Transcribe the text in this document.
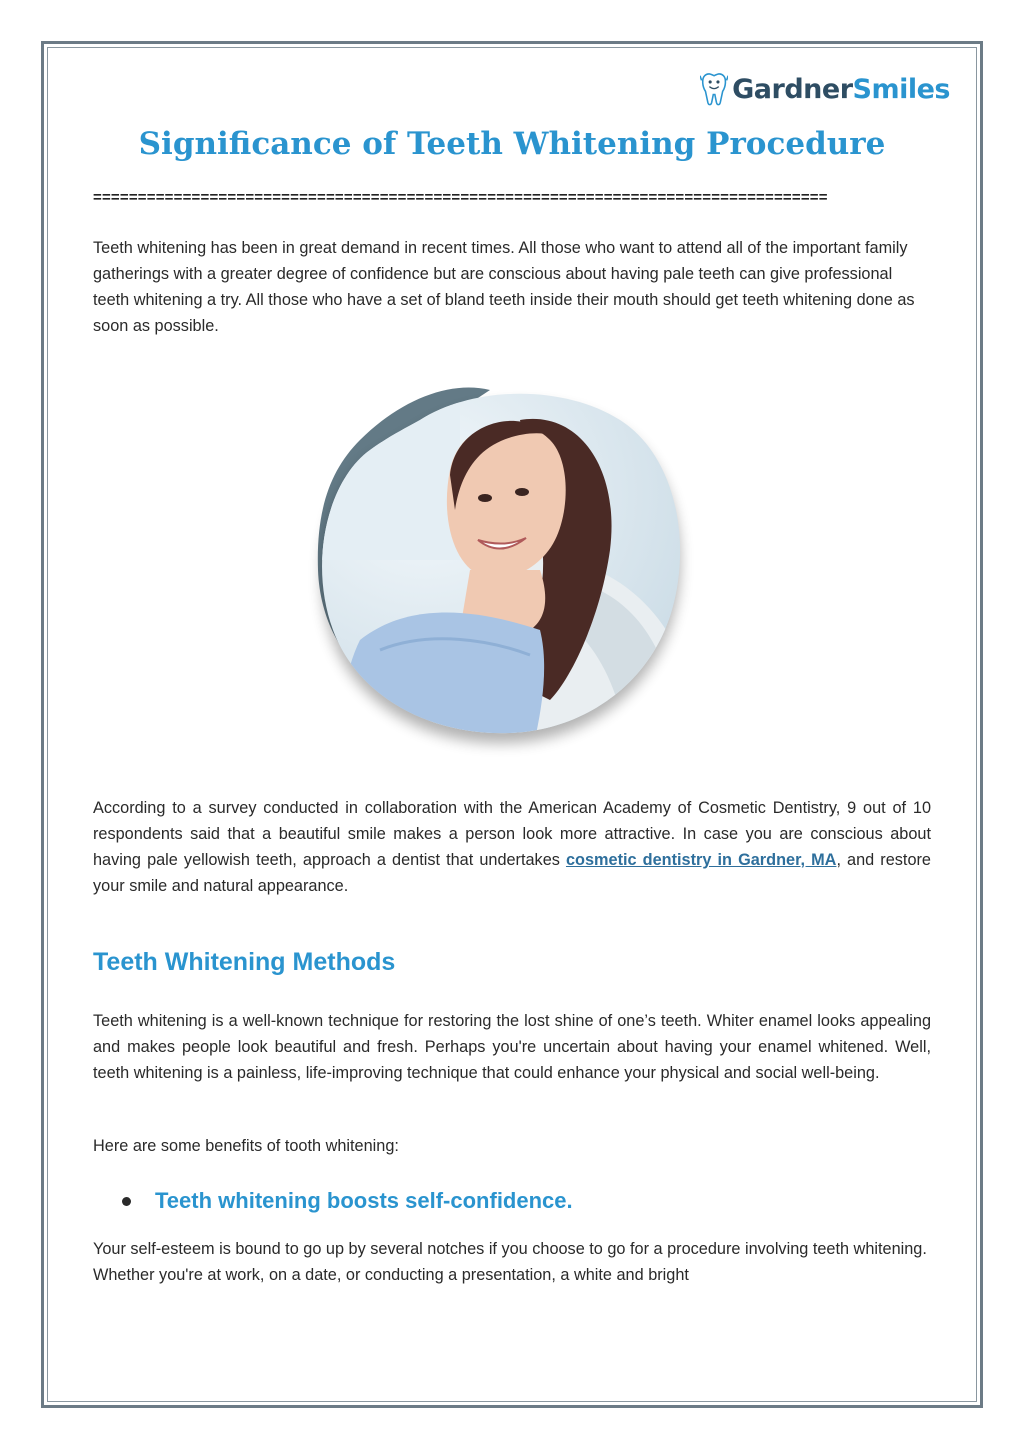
GardnerSmiles
Significance of Teeth Whitening Procedure
==================================================================================

Teeth whitening has been in great demand in recent times. All those who want to attend all of the important family gatherings with a greater degree of confidence but are conscious about having pale teeth can give professional teeth whitening a try. All those who have a set of bland teeth inside their mouth should get teeth whitening done as soon as possible.

According to a survey conducted in collaboration with the American Academy of Cosmetic Dentistry, 9 out of 10 respondents said that a beautiful smile makes a person look more attractive. In case you are conscious about having pale yellowish teeth, approach a dentist that undertakes cosmetic dentistry in Gardner, MA, and restore your smile and natural appearance.

Teeth Whitening Methods

Teeth whitening is a well-known technique for restoring the lost shine of one’s teeth. Whiter enamel looks appealing and makes people look beautiful and fresh. Perhaps you're uncertain about having your enamel whitened. Well, teeth whitening is a painless, life-improving technique that could enhance your physical and social well-being.

Here are some benefits of tooth whitening:

Teeth whitening boosts self-confidence.

Your self-esteem is bound to go up by several notches if you choose to go for a procedure involving teeth whitening. Whether you're at work, on a date, or conducting a presentation, a white and bright
